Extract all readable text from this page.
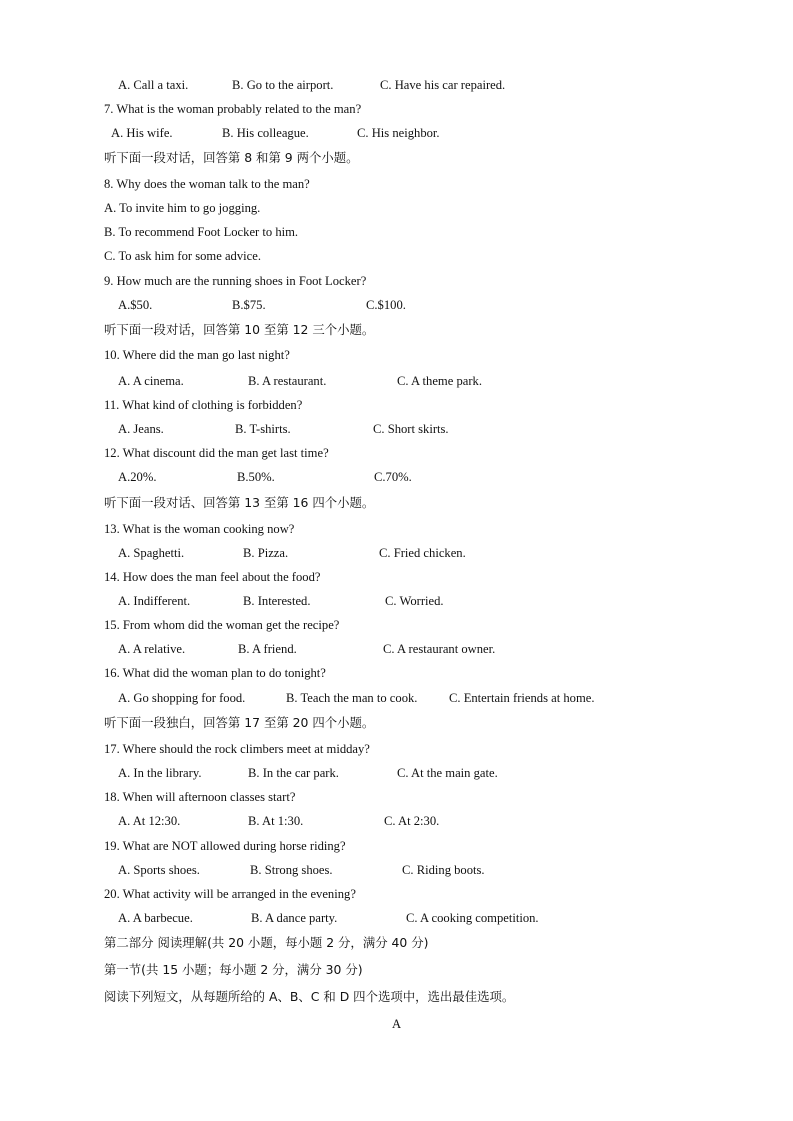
A. Call a taxi.	B. Go to the airport.	C. Have his car repaired.
7. What is the woman probably related to the man?
A. His wife.	B. His colleague.	C. His neighbor.
听下面一段对话，回答第 8 和第 9 两个小题。
8. Why does the woman talk to the man?
A. To invite him to go jogging.
B. To recommend Foot Locker to him.
C. To ask him for some advice.
9. How much are the running shoes in Foot Locker?
A.$50.	B.$75.	C.$100.
听下面一段对话，回答第 10 至第 12 三个小题。
10. Where did the man go last night?
A. A cinema.	B. A restaurant.	C. A theme park.
11. What kind of clothing is forbidden?
A. Jeans.	B. T-shirts.	C. Short skirts.
12. What discount did the man get last time?
A.20%.	B.50%.	C.70%.
听下面一段对话、回答第 13 至第 16 四个小题。
13. What is the woman cooking now?
A. Spaghetti.	B. Pizza.	C. Fried chicken.
14. How does the man feel about the food?
A. Indifferent.	B. Interested.	C. Worried.
15. From whom did the woman get the recipe?
A. A relative.	B. A friend.	C. A restaurant owner.
16. What did the woman plan to do tonight?
A. Go shopping for food.	B. Teach the man to cook.	C. Entertain friends at home.
听下面一段独白，回答第 17 至第 20 四个小题。
17. Where should the rock climbers meet at midday?
A. In the library.	B. In the car park.	C. At the main gate.
18. When will afternoon classes start?
A. At 12:30.	B. At 1:30.	C. At 2:30.
19. What are NOT allowed during horse riding?
A. Sports shoes.	B. Strong shoes.	C. Riding boots.
20. What activity will be arranged in the evening?
A. A barbecue.	B. A dance party.	C. A cooking competition.
第二部分 阅读理解(共 20 小题，每小题 2 分，满分 40 分)
第一节(共 15 小题；每小题 2 分，满分 30 分)
阅读下列短文，从每题所给的 A、B、C 和 D 四个选项中，选出最佳选项。
A
